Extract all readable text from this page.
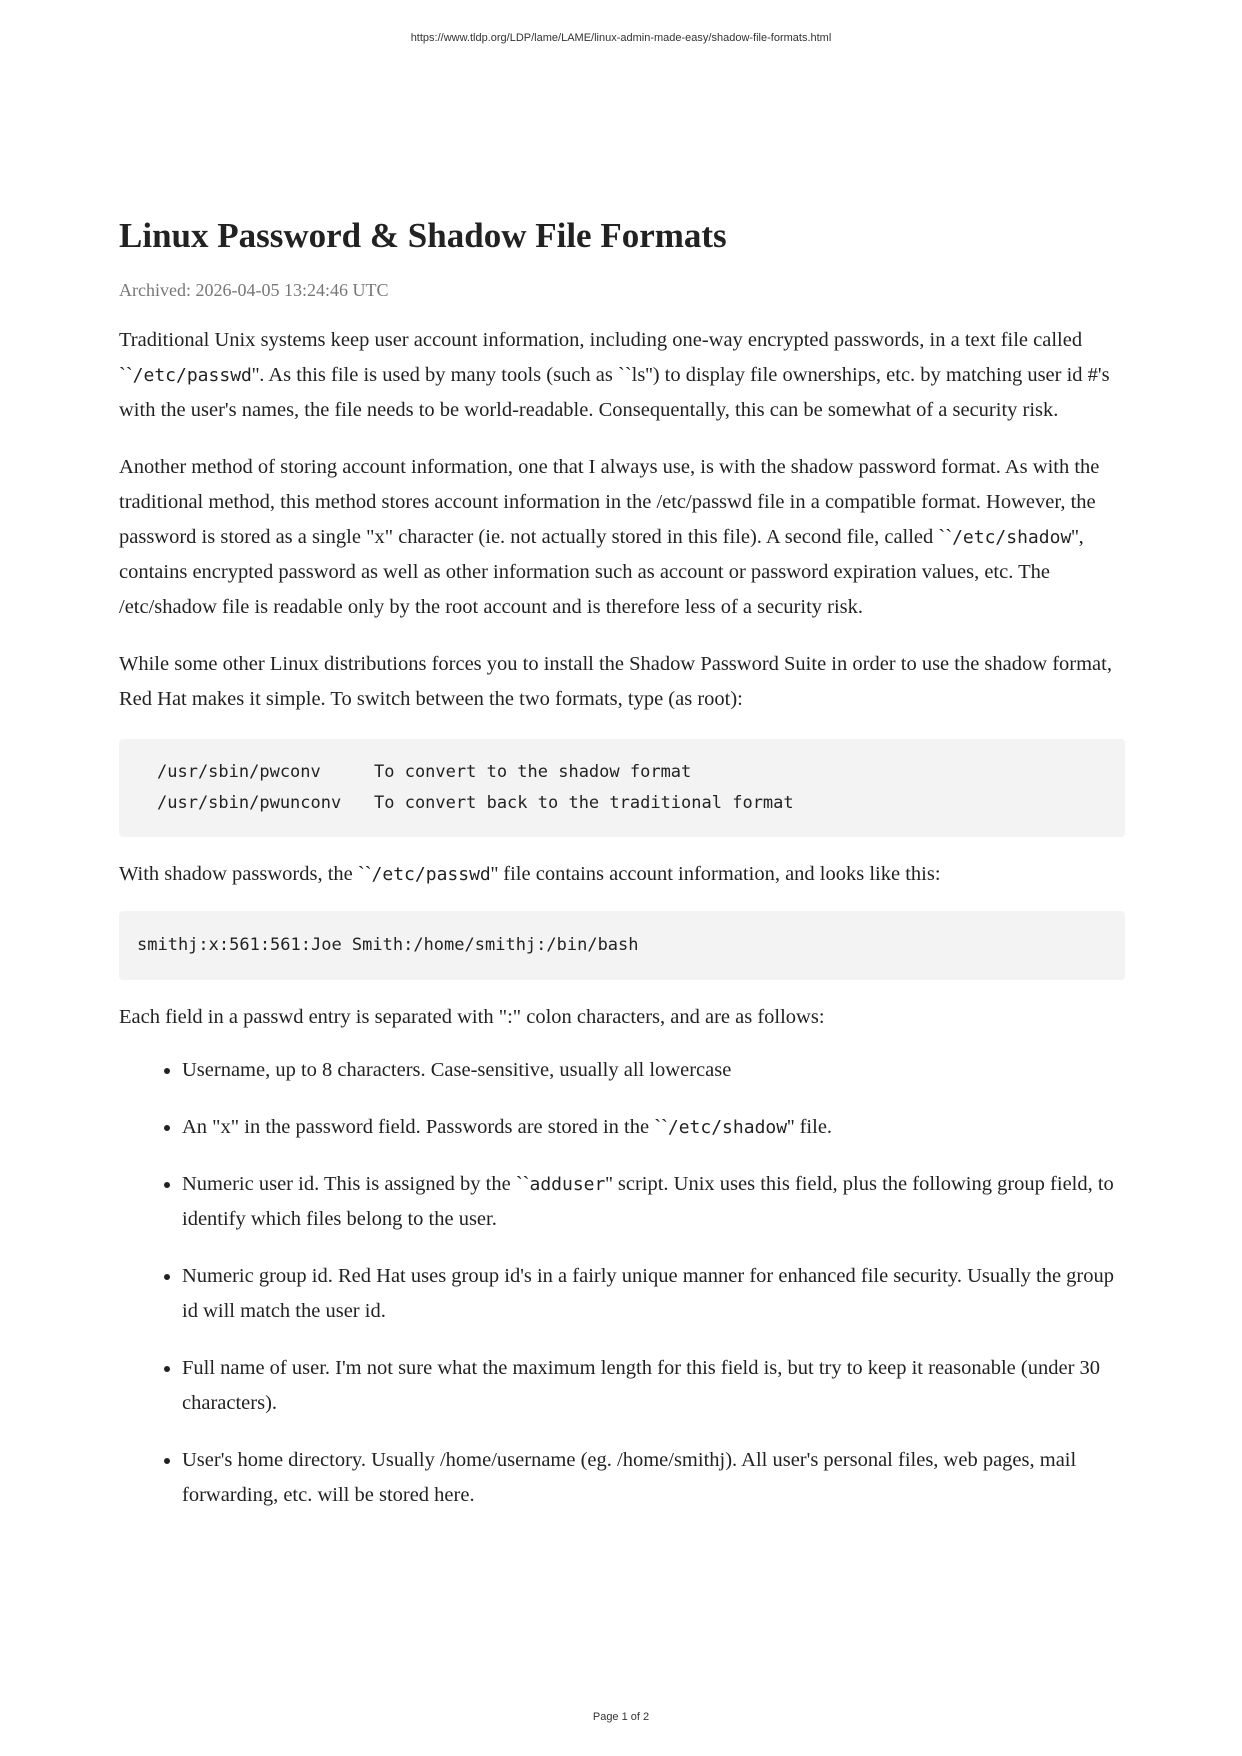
https://www.tldp.org/LDP/lame/LAME/linux-admin-made-easy/shadow-file-formats.html
Linux Password & Shadow File Formats
Archived: 2026-04-05 13:24:46 UTC

Traditional Unix systems keep user account information, including one-way encrypted passwords, in a text file called ``/etc/passwd''. As this file is used by many tools (such as ``ls'') to display file ownerships, etc. by matching user id #'s with the user's names, the file needs to be world-readable. Consequentally, this can be somewhat of a security risk.

Another method of storing account information, one that I always use, is with the shadow password format. As with the traditional method, this method stores account information in the /etc/passwd file in a compatible format. However, the password is stored as a single "x" character (ie. not actually stored in this file). A second file, called ``/etc/shadow'', contains encrypted password as well as other information such as account or password expiration values, etc. The /etc/shadow file is readable only by the root account and is therefore less of a security risk.

While some other Linux distributions forces you to install the Shadow Password Suite in order to use the shadow format, Red Hat makes it simple. To switch between the two formats, type (as root):

/usr/sbin/pwconv	To convert to the shadow format
/usr/sbin/pwunconv	To convert back to the traditional format

With shadow passwords, the ``/etc/passwd'' file contains account information, and looks like this:

smithj:x:561:561:Joe Smith:/home/smithj:/bin/bash

Each field in a passwd entry is separated with ":" colon characters, and are as follows:

• Username, up to 8 characters. Case-sensitive, usually all lowercase
• An "x" in the password field. Passwords are stored in the ``/etc/shadow'' file.
• Numeric user id. This is assigned by the ``adduser'' script. Unix uses this field, plus the following group field, to identify which files belong to the user.
• Numeric group id. Red Hat uses group id's in a fairly unique manner for enhanced file security. Usually the group id will match the user id.
• Full name of user. I'm not sure what the maximum length for this field is, but try to keep it reasonable (under 30 characters).
• User's home directory. Usually /home/username (eg. /home/smithj). All user's personal files, web pages, mail forwarding, etc. will be stored here.
Page 1 of 2
